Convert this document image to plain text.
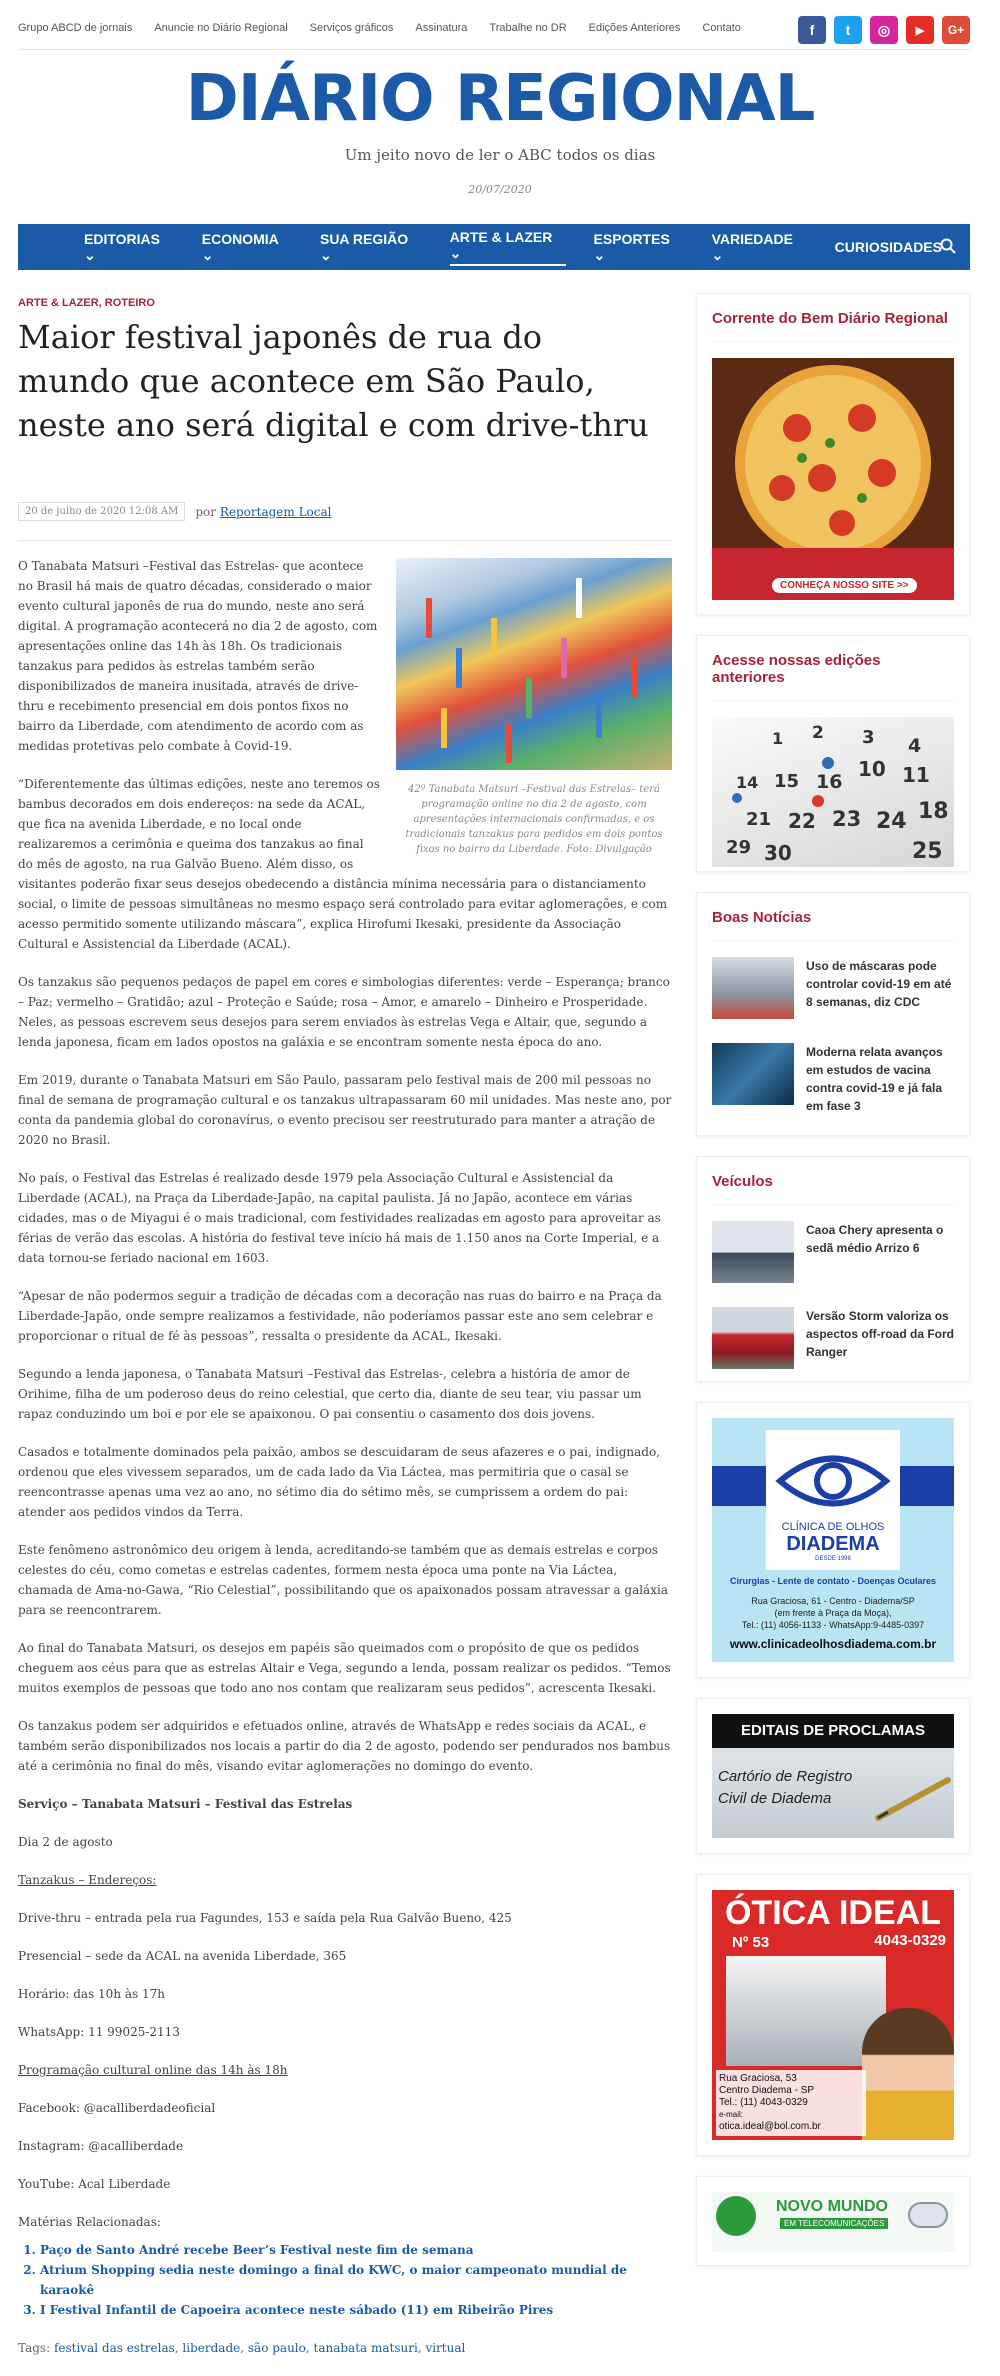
Grupo ABCD de jornais Anuncie no Diário Regional Serviços gráficos Assinatura Trabalhe no DR Edições Anteriores Contato	f	t	◎	▶	G+
DIÁRIO REGIONAL
Um jeito novo de ler o ABC todos os dias
20/07/2020
EDITORIAS ⌄
ECONOMIA ⌄
SUA REGIÃO ⌄
ARTE & LAZER ⌄
ESPORTES ⌄
VARIEDADE ⌄	CURIOSIDADES
ARTE & LAZER, ROTEIRO
Maior festival japonês de rua do mundo que acontece em São Paulo, neste ano será digital e com drive-thru
20 de julho de 2020 12:08 AM	por Reportagem Local
42º Tanabata Matsuri –Festival das Estrelas– terá programação online no dia 2 de agosto, com apresentações internacionais confirmadas, e os tradicionais tanzakus para pedidos em dois pontos fixos no bairro da Liberdade. Foto: Divulgação

O Tanabata Matsuri –Festival das Estrelas- que acontece no Brasil há mais de quatro décadas, considerado o maior evento cultural japonês de rua do mundo, neste ano será digital. A programação acontecerá no dia 2 de agosto, com apresentações online das 14h às 18h. Os tradicionais tanzakus para pedidos às estrelas também serão disponibilizados de maneira inusitada, através de drive-thru e recebimento presencial em dois pontos fixos no bairro da Liberdade, com atendimento de acordo com as medidas protetivas pelo combate à Covid-19.

“Diferentemente das últimas edições, neste ano teremos os bambus decorados em dois endereços: na sede da ACAL, que fica na avenida Liberdade, e no local onde realizaremos a cerimônia e queima dos tanzakus ao final do mês de agosto, na rua Galvão Bueno. Além disso, os visitantes poderão fixar seus desejos obedecendo a distância mínima necessária para o distanciamento social, o limite de pessoas simultâneas no mesmo espaço será controlado para evitar aglomerações, e com acesso permitido somente utilizando máscara”, explica Hirofumi Ikesaki, presidente da Associação Cultural e Assistencial da Liberdade (ACAL).

Os tanzakus são pequenos pedaços de papel em cores e simbologias diferentes: verde – Esperança; branco – Paz; vermelho – Gratidão; azul – Proteção e Saúde; rosa – Amor, e amarelo – Dinheiro e Prosperidade. Neles, as pessoas escrevem seus desejos para serem enviados às estrelas Vega e Altair, que, segundo a lenda japonesa, ficam em lados opostos na galáxia e se encontram somente nesta época do ano.

Em 2019, durante o Tanabata Matsuri em São Paulo, passaram pelo festival mais de 200 mil pessoas no final de semana de programação cultural e os tanzakus ultrapassaram 60 mil unidades. Mas neste ano, por conta da pandemia global do coronavírus, o evento precisou ser reestruturado para manter a atração de 2020 no Brasil.

No país, o Festival das Estrelas é realizado desde 1979 pela Associação Cultural e Assistencial da Liberdade (ACAL), na Praça da Liberdade-Japão, na capital paulista. Já no Japão, acontece em várias cidades, mas o de Miyagui é o mais tradicional, com festividades realizadas em agosto para aproveitar as férias de verão das escolas. A história do festival teve início há mais de 1.150 anos na Corte Imperial, e a data tornou-se feriado nacional em 1603.

“Apesar de não podermos seguir a tradição de décadas com a decoração nas ruas do bairro e na Praça da Liberdade-Japão, onde sempre realizamos a festividade, não poderíamos passar este ano sem celebrar e proporcionar o ritual de fé às pessoas”, ressalta o presidente da ACAL, Ikesaki.

Segundo a lenda japonesa, o Tanabata Matsuri –Festival das Estrelas-, celebra a história de amor de Orihime, filha de um poderoso deus do reino celestial, que certo dia, diante de seu tear, viu passar um rapaz conduzindo um boi e por ele se apaixonou. O pai consentiu o casamento dos dois jovens.

Casados e totalmente dominados pela paixão, ambos se descuidaram de seus afazeres e o pai, indignado, ordenou que eles vivessem separados, um de cada lado da Via Láctea, mas permitiria que o casal se reencontrasse apenas uma vez ao ano, no sétimo dia do sétimo mês, se cumprissem a ordem do pai: atender aos pedidos vindos da Terra.

Este fenômeno astronômico deu origem à lenda, acreditando-se também que as demais estrelas e corpos celestes do céu, como cometas e estrelas cadentes, formem nesta época uma ponte na Via Láctea, chamada de Ama-no-Gawa, “Rio Celestial”, possibilitando que os apaixonados possam atravessar a galáxia para se reencontrarem.

Ao final do Tanabata Matsuri, os desejos em papéis são queimados com o propósito de que os pedidos cheguem aos céus para que as estrelas Altair e Vega, segundo a lenda, possam realizar os pedidos. “Temos muitos exemplos de pessoas que todo ano nos contam que realizaram seus pedidos”, acrescenta Ikesaki.

Os tanzakus podem ser adquiridos e efetuados online, através de WhatsApp e redes sociais da ACAL, e também serão disponibilizados nos locais a partir do dia 2 de agosto, podendo ser pendurados nos bambus até a cerimônia no final do mês, visando evitar aglomerações no domingo do evento.

Serviço – Tanabata Matsuri – Festival das Estrelas

Dia 2 de agosto

Tanzakus – Endereços:

Drive-thru – entrada pela rua Fagundes, 153 e saída pela Rua Galvão Bueno, 425

Presencial – sede da ACAL na avenida Liberdade, 365

Horário: das 10h às 17h

WhatsApp: 11 99025-2113

Programação cultural online das 14h às 18h

Facebook: @acalliberdadeoficial

Instagram: @acalliberdade

YouTube: Acal Liberdade

Matérias Relacionadas:

1. Paço de Santo André recebe Beer’s Festival neste fim de semana
2. Atrium Shopping sedia neste domingo a final do KWC, o maior campeonato mundial de karaokê
3. I Festival Infantil de Capoeira acontece neste sábado (11) em Ribeirão Pires

Tags: festival das estrelas, liberdade, são paulo, tanabata matsuri, virtual

Corrente do Bem Diário Regional
CONHEÇA NOSSO SITE >>
Acesse nossas edições anteriores
1 2 3 4
14 15 16
10 11
21 22 23 24 18
29 30	25
Boas Notícias
Uso de máscaras pode controlar covid-19 em até 8 semanas, diz CDC
Moderna relata avanços em estudos de vacina contra covid-19 e já fala em fase 3
Veículos
Caoa Chery apresenta o sedã médio Arrizo 6
Versão Storm valoriza os aspectos off-road da Ford Ranger
CLÍNICA DE OLHOS
DIADEMA
DESDE 1998
Cirurgias - Lente de contato - Doenças Oculares
Rua Graciosa, 61 - Centro - Diadema/SP
(em frente à Praça da Moça),
Tel.: (11) 4056-1133 - WhatsApp:9-4485-0397
www.clinicadeolhosdiadema.com.br
EDITAIS DE PROCLAMAS
Cartório de Registro
Civil de Diadema
ÓTICA IDEAL
Nº 53	4043-0329
Rua Graciosa, 53
Centro Diadema - SP
Tel.: (11) 4043-0329
e-mail:
otica.ideal@bol.com.br
NOVO MUNDO
EM TELECOMUNICAÇÕES
